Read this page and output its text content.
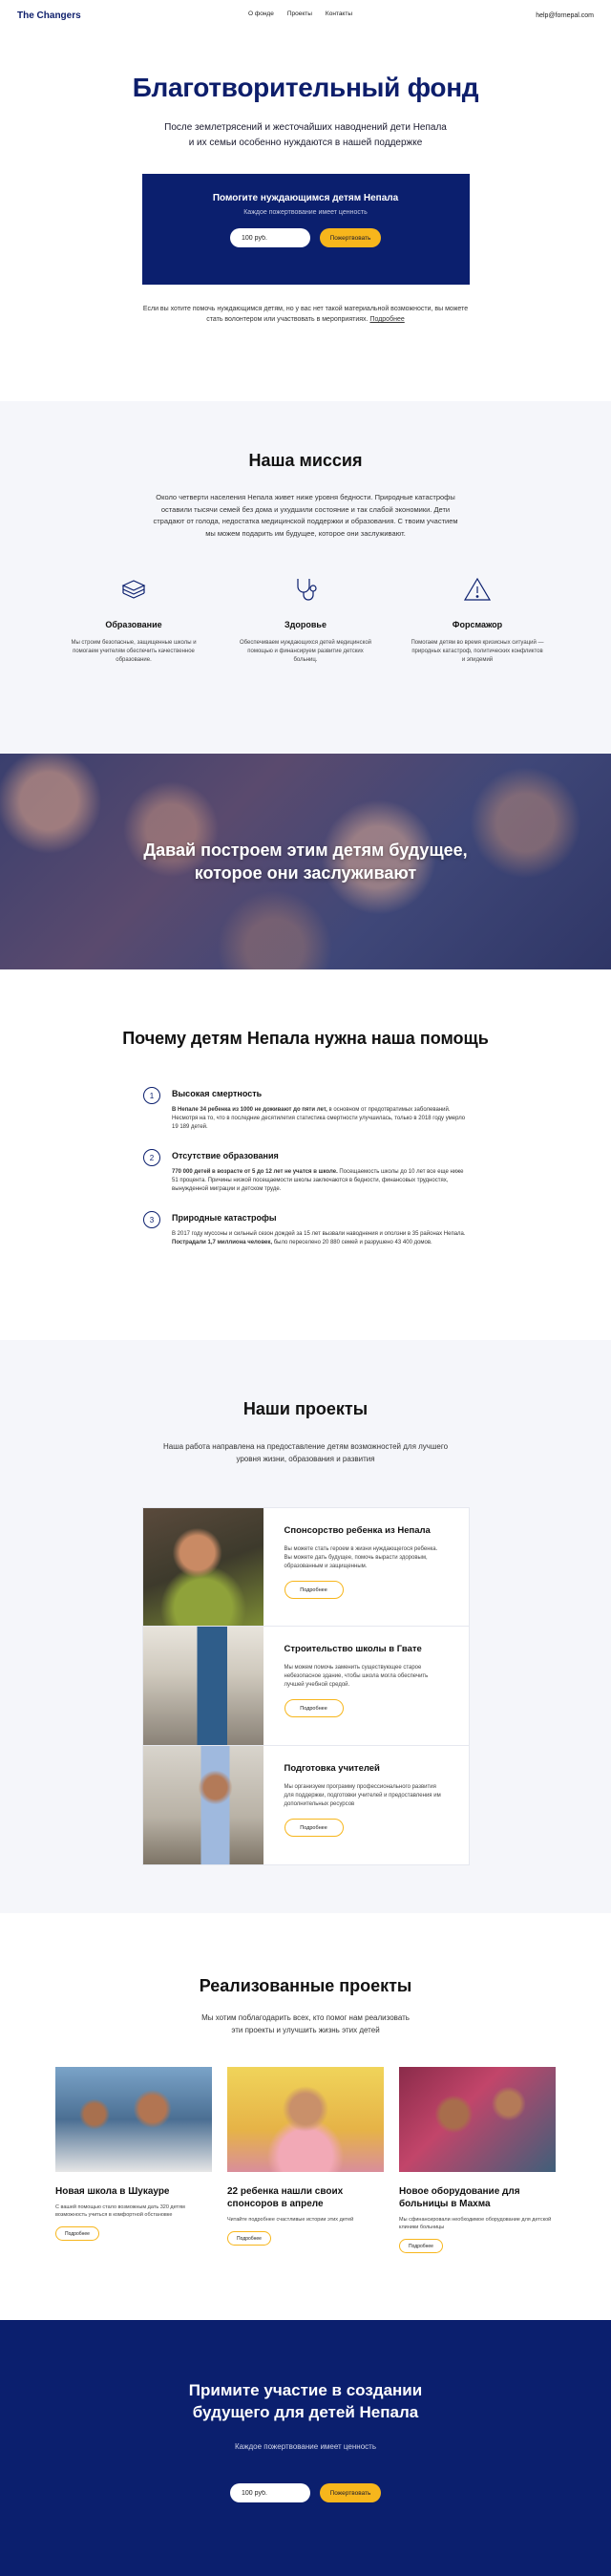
The Changers	О фонде Проекты Контакты	help@fornepal.com
Благотворительный фонд

После землетрясений и жесточайших наводнений дети Непала и их семьи особенно нуждаются в нашей поддержке

Помогите нуждающимся детям Непала
Каждое пожертвование имеет ценность
100 руб.
Пожертвовать

Если вы хотите помочь нуждающимся детям, но у вас нет такой материальной возможности, вы можете стать волонтером или участвовать в мероприятиях. Подробнее

Наша миссия

Около четверти населения Непала живет ниже уровня бедности. Природные катастрофы оставили тысячи семей без дома и ухудшили состояние и так слабой экономики. Дети страдают от голода, недостатка медицинской поддержки и образования. С твоим участием мы можем подарить им будущее, которое они заслуживают.

Образование
Мы строим безопасные, защищенные школы и помогаем учителям обеспечить качественное образование.
Здоровье
Обеспечиваем нуждающихся детей медицинской помощью и финансируем развитие детских больниц.
Форсмажор
Помогаем детям во время кризисных ситуаций — природных катастроф, политических конфликтов и эпидемий
Давай построем этим детям будущее,
которое они заслуживают
Почему детям Непала нужна наша помощь
1	Высокая смертность
В Непале 34 ребенка из 1000 не доживают до пяти лет, в основном от предотвратимых заболеваний. Несмотря на то, что в последние десятилетия статистика смертности улучшилась, только в 2018 году умерло 19 189 детей.
2	Отсутствие образования
770 000 детей в возрасте от 5 до 12 лет не учатся в школе. Посещаемость школы до 10 лет все еще ниже 51 процента. Причины низкой посещаемости школы заключаются в бедности, финансовых трудностях, вынужденной миграции и детском труде.
3	Природные катастрофы
В 2017 году муссоны и сильный сезон дождей за 15 лет вызвали наводнения и оползни в 35 районах Непала. Пострадали 1,7 миллиона человек, было переселено 20 880 семей и разрушено 43 400 домов.
Наши проекты

Наша работа направлена на предоставление детям возможностей для лучшего уровня жизни, образования и развития

Спонсорство ребенка из Непала
Вы можете стать героем в жизни нуждающегося ребенка. Вы можете дать будущее, помочь вырасти здоровым, образованным и защищенным.
Подробнее
Строительство школы в Гвате
Мы можем помочь заменить существующее старое небезопасное здание, чтобы школа могла обеспечить лучшей учебной средой.
Подробнее
Подготовка учителей
Мы организуем программу профессионального развития для поддержки, подготовки учителей и предоставления им дополнительных ресурсов
Подробнее
Реализованные проекты

Мы хотим поблагодарить всех, кто помог нам реализовать эти проекты и улучшить жизнь этих детей

Новая школа в Шукауре
С вашей помощью стало возможным дать 320 детям возможность учиться в комфортной обстановке
Подробнее
22 ребенка нашли своих спонсоров в апреле
Читайте подробнее счастливые истории этих детей
Подробнее
Новое оборудование для больницы в Махма
Мы сфинансировали необходимое оборудование для детской клиники больницы
Подробнее
Примите участие в создании
будущего для детей Непала
Каждое пожертвование имеет ценность
100 руб.
Пожертвовать
